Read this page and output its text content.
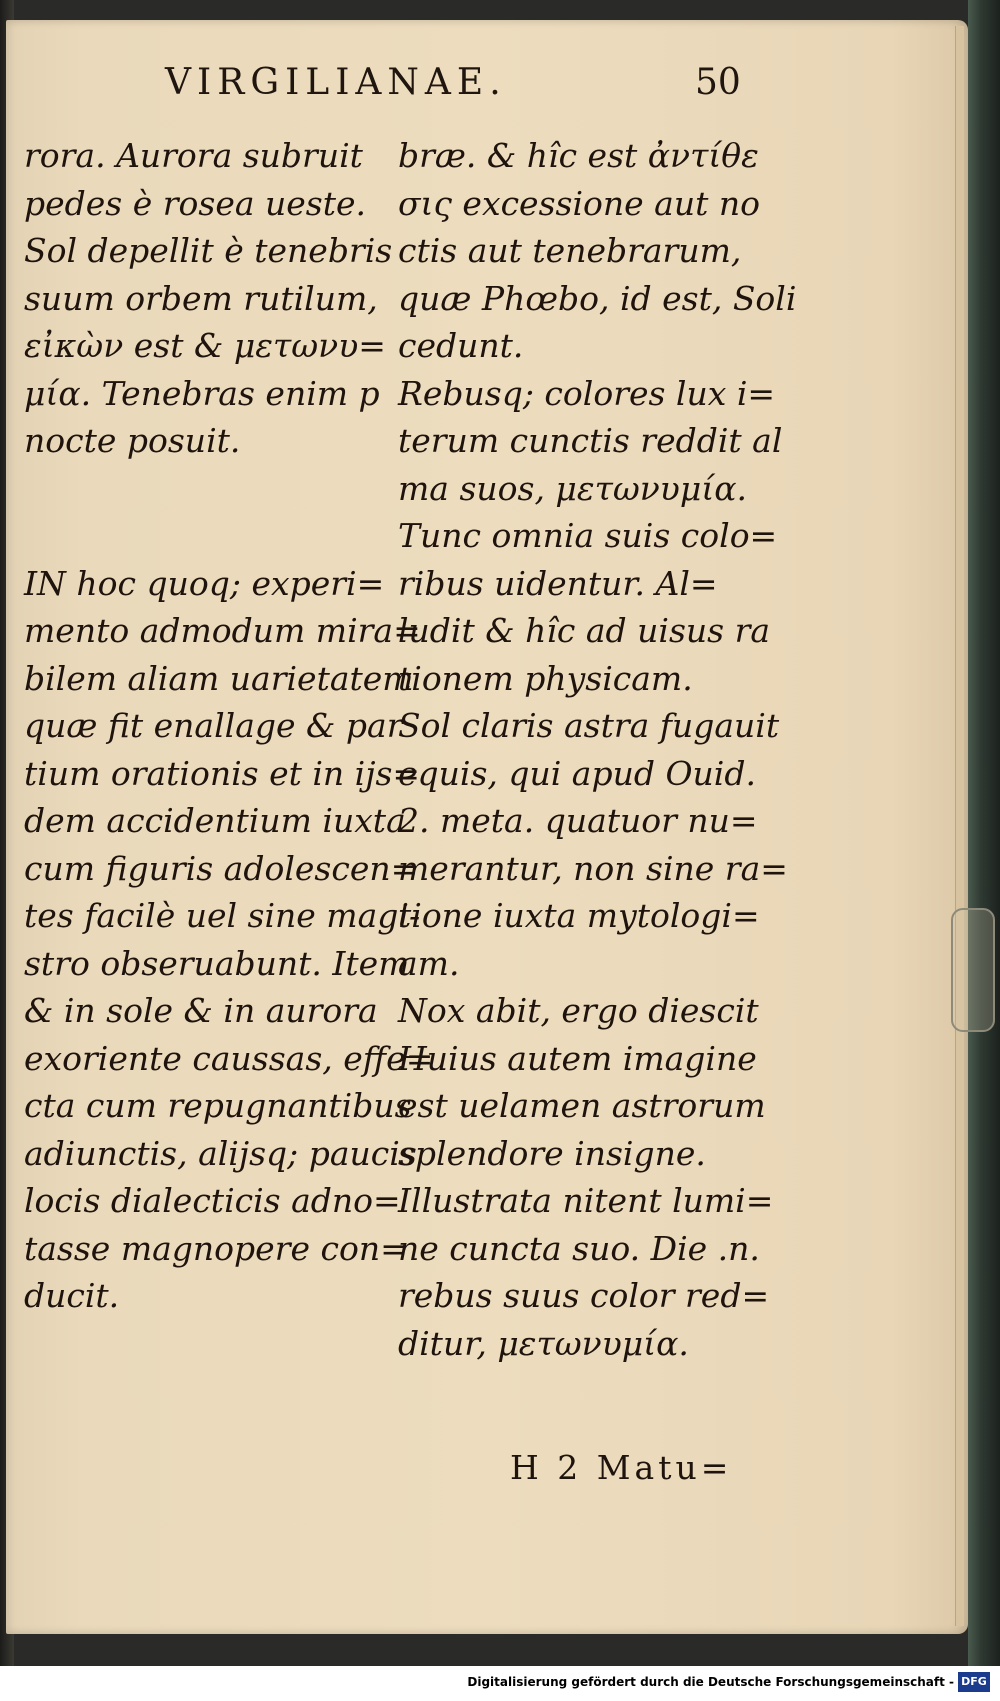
VIRGILIANAE.	50
rora. Aurora subruit
pedes è rosea ueste.
Sol depellit è tenebris
suum orbem rutilum,
εἰκὼν est & μετωνυ=
μία. Tenebras enim p
nocte posuit.
IN hoc quoq; experi=
mento admodum mira=
bilem aliam uarietatem
quæ fit enallage & par
tium orationis et in ijs=
dem accidentium iuxta
cum figuris adolescen=
tes facilè uel sine magi-
stro obseruabunt. Item
& in sole & in aurora
exoriente caussas, effe=
cta cum repugnantibus
adiunctis, alijsq; paucis
locis dialecticis adno=
tasse magnopere con=
ducit.
bræ. & hîc est ἀντίθε
σις excessione aut no
ctis aut tenebrarum,
quæ Phœbo, id est, Soli
cedunt.
Rebusq; colores lux i=
terum cunctis reddit al
ma suos, μετωνυμία.
Tunc omnia suis colo=
ribus uidentur. Al=
ludit & hîc ad uisus ra
tionem physicam.
Sol claris astra fugauit
equis, qui apud Ouid.
2. meta. quatuor nu=
merantur, non sine ra=
tione iuxta mytologi=
am.
Nox abit, ergo diescit
Huius autem imagine
est uelamen astrorum
splendore insigne.
Illustrata nitent lumi=
ne cuncta suo. Die .n.
rebus suus color red=
ditur, μετωνυμία.
H 2 Matu=
Digitalisierung gefördert durch die Deutsche Forschungsgemeinschaft - DFG
